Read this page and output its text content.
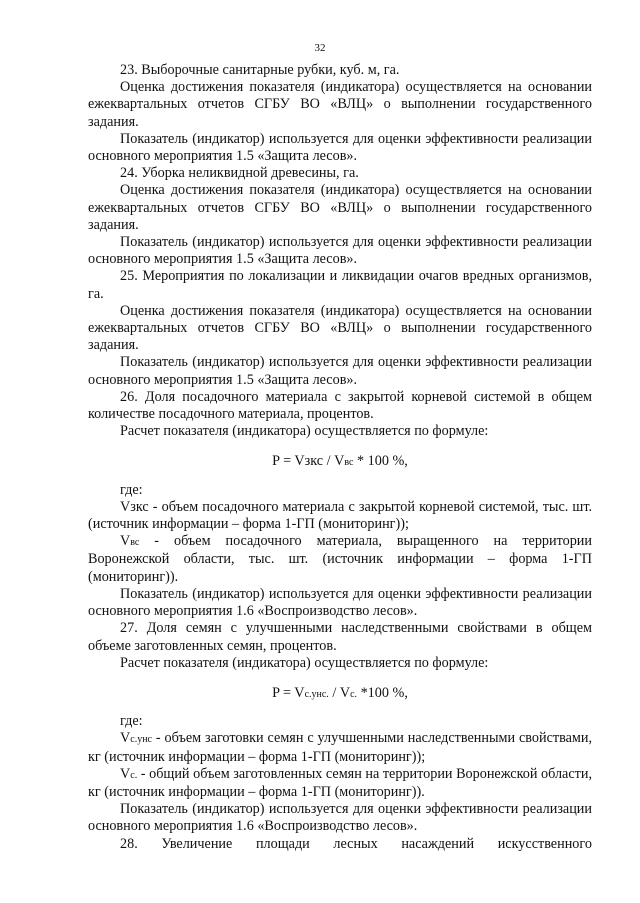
32

23. Выборочные санитарные рубки, куб. м, га.

Оценка достижения показателя (индикатора) осуществляется на основании ежеквартальных отчетов СГБУ ВО «ВЛЦ» о выполнении государственного задания.

Показатель (индикатор) используется для оценки эффективности реализации основного мероприятия 1.5 «Защита лесов».

24. Уборка неликвидной древесины, га.

Оценка достижения показателя (индикатора) осуществляется на основании ежеквартальных отчетов СГБУ ВО «ВЛЦ» о выполнении государственного задания.

Показатель (индикатор) используется для оценки эффективности реализации основного мероприятия 1.5 «Защита лесов».

25. Мероприятия по локализации и ликвидации очагов вредных организмов, га.

Оценка достижения показателя (индикатора) осуществляется на основании ежеквартальных отчетов СГБУ ВО «ВЛЦ» о выполнении государственного задания.

Показатель (индикатор) используется для оценки эффективности реализации основного мероприятия 1.5 «Защита лесов».

26. Доля посадочного материала с закрытой корневой системой в общем количестве посадочного материала, процентов.

Расчет показателя (индикатора) осуществляется по формуле:

P = Vзкс / Vвс * 100 %,

где:

Vзкс - объем посадочного материала с закрытой корневой системой, тыс. шт. (источник информации – форма 1-ГП (мониторинг));

Vвс - объем посадочного материала, выращенного на территории Воронежской области, тыс. шт. (источник информации – форма 1-ГП (мониторинг)).

Показатель (индикатор) используется для оценки эффективности реализации основного мероприятия 1.6 «Воспроизводство лесов».

27. Доля семян с улучшенными наследственными свойствами в общем объеме заготовленных семян, процентов.

Расчет показателя (индикатора) осуществляется по формуле:

P = Vс.унс. / Vс. *100 %,

где:

Vс.унс - объем заготовки семян с улучшенными наследственными свойствами, кг (источник информации – форма 1-ГП (мониторинг));

Vс. - общий объем заготовленных семян на территории Воронежской области, кг (источник информации – форма 1-ГП (мониторинг)).

Показатель (индикатор) используется для оценки эффективности реализации основного мероприятия 1.6 «Воспроизводство лесов».

28. Увеличение площади лесных насаждений искусственного
